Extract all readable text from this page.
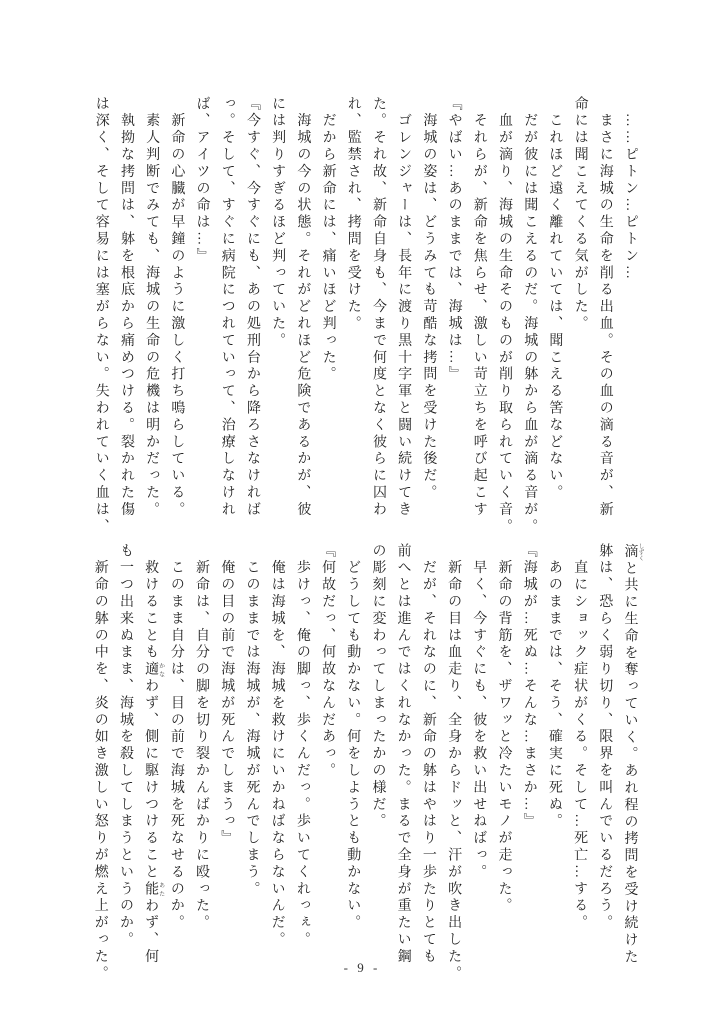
　……ピトン…ピトン…
　まさに海城の生命を削る出血。その血の滴る音が、新
命には聞こえてくる気がした。
　これほど遠く離れていては、聞こえる筈などない。
　だが彼には聞こえるのだ。海城の躰から血が滴る音が。
　血が滴り、海城の生命そのものが削り取られていく音。
　それらが、新命を焦らせ、激しい苛立ちを呼び起こす
『やばい…あのままでは、海城は…』
　海城の姿は、どうみても苛酷な拷問を受けた後だ。
　ゴレンジャーは、長年に渡り黒十字軍と闘い続けてき
た。それ故、新命自身も、今まで何度となく彼らに囚わ
れ、監禁され、拷問を受けた。
　だから新命には、痛いほど判った。
　海城の今の状態。それがどれほど危険であるかが、彼
には判りすぎるほど判っていた。
『今すぐ、今すぐにも、あの処刑台から降ろさなければ
っ。そして、すぐに病院につれていって、治療しなけれ
ば、アイツの命は…』
　新命の心臓が早鐘のように激しく打ち鳴らしている。
　素人判断でみても、海城の生命の危機は明かだった。
　執拗な拷問は、躰を根底から痛めつける。裂かれた傷
は深く、そして容易には塞がらない。失われていく血は、
滴 しずくと共に生命を奪っていく。あれ程の拷問を受け続けた
躰は、恐らく弱り切り、限界を叫んでいるだろう。
　直にショック症状がくる。そして…死亡…する。
　あのままでは、そう、確実に死ぬ。
『海城が…死ぬ…そんな…まさか…』
　新命の背筋を、ザワッと冷たいモノが走った。
　早く、今すぐにも、彼を救い出せねばっ。
　新命の目は血走り、全身からドッと、汗が吹き出した。
　だが、それなのに、新命の躰はやはり一歩たりとても
前へとは進んではくれなかった。まるで全身が重たい鋼
の彫刻に変わってしまったかの様だ。
　どうしても動かない。何をしようとも動かない。
『何故だっ、何故なんだあっ。
　歩けっ、俺の脚っ、歩くんだっ。歩いてくれっぇ。
　俺は海城を、海城を救けにいかねばならないんだ。
　このままでは海城が、海城が死んでしまう。
　俺の目の前で海城が死んでしまうっ』
　新命は、自分の脚を切り裂かんばかりに殴った。
　このまま自分は、目の前で海城を死なせるのか。
　救けることも適 かなわず、側に駆けつけること能 あたわず、何
も一つ出来ぬまま、海城を殺してしまうというのか。
　新命の躰の中を、炎の如き激しい怒りが燃え上がった。	- 9 -
